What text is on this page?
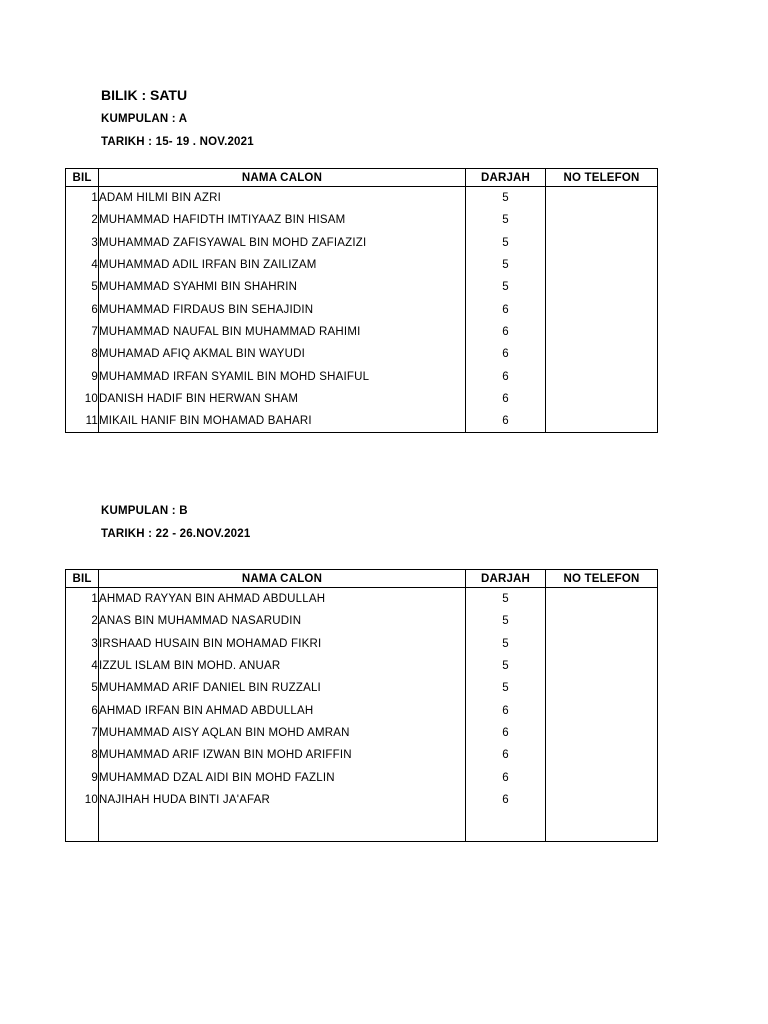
BILIK : SATU
KUMPULAN : A
TARIKH : 15- 19 . NOV.2021
BIL	NAMA CALON	DARJAH	NO TELEFON
1	ADAM HILMI BIN AZRI	5	
2	MUHAMMAD HAFIDTH IMTIYAAZ BIN HISAM	5	
3	MUHAMMAD ZAFISYAWAL BIN MOHD ZAFIAZIZI	5	
4	MUHAMMAD ADIL IRFAN BIN ZAILIZAM	5	
5	MUHAMMAD SYAHMI BIN SHAHRIN	5	
6	MUHAMMAD FIRDAUS BIN SEHAJIDIN	6	
7	MUHAMMAD NAUFAL BIN MUHAMMAD RAHIMI	6	
8	MUHAMAD AFIQ AKMAL BIN WAYUDI	6	
9	MUHAMMAD IRFAN SYAMIL BIN MOHD SHAIFUL	6	
10	DANISH HADIF BIN HERWAN SHAM	6	
11	MIKAIL HANIF BIN MOHAMAD BAHARI	6	
KUMPULAN : B
TARIKH : 22 - 26.NOV.2021
BIL	NAMA CALON	DARJAH	NO TELEFON
1	AHMAD RAYYAN BIN AHMAD ABDULLAH	5	
2	ANAS BIN MUHAMMAD NASARUDIN	5	
3	IRSHAAD HUSAIN BIN MOHAMAD FIKRI	5	
4	IZZUL ISLAM BIN MOHD. ANUAR	5	
5	MUHAMMAD ARIF DANIEL BIN RUZZALI	5	
6	AHMAD IRFAN BIN AHMAD ABDULLAH	6	
7	MUHAMMAD AISY AQLAN BIN MOHD AMRAN	6	
8	MUHAMMAD ARIF IZWAN BIN MOHD ARIFFIN	6	
9	MUHAMMAD DZAL AIDI BIN MOHD FAZLIN	6	
10	NAJIHAH HUDA BINTI JA'AFAR	6	
